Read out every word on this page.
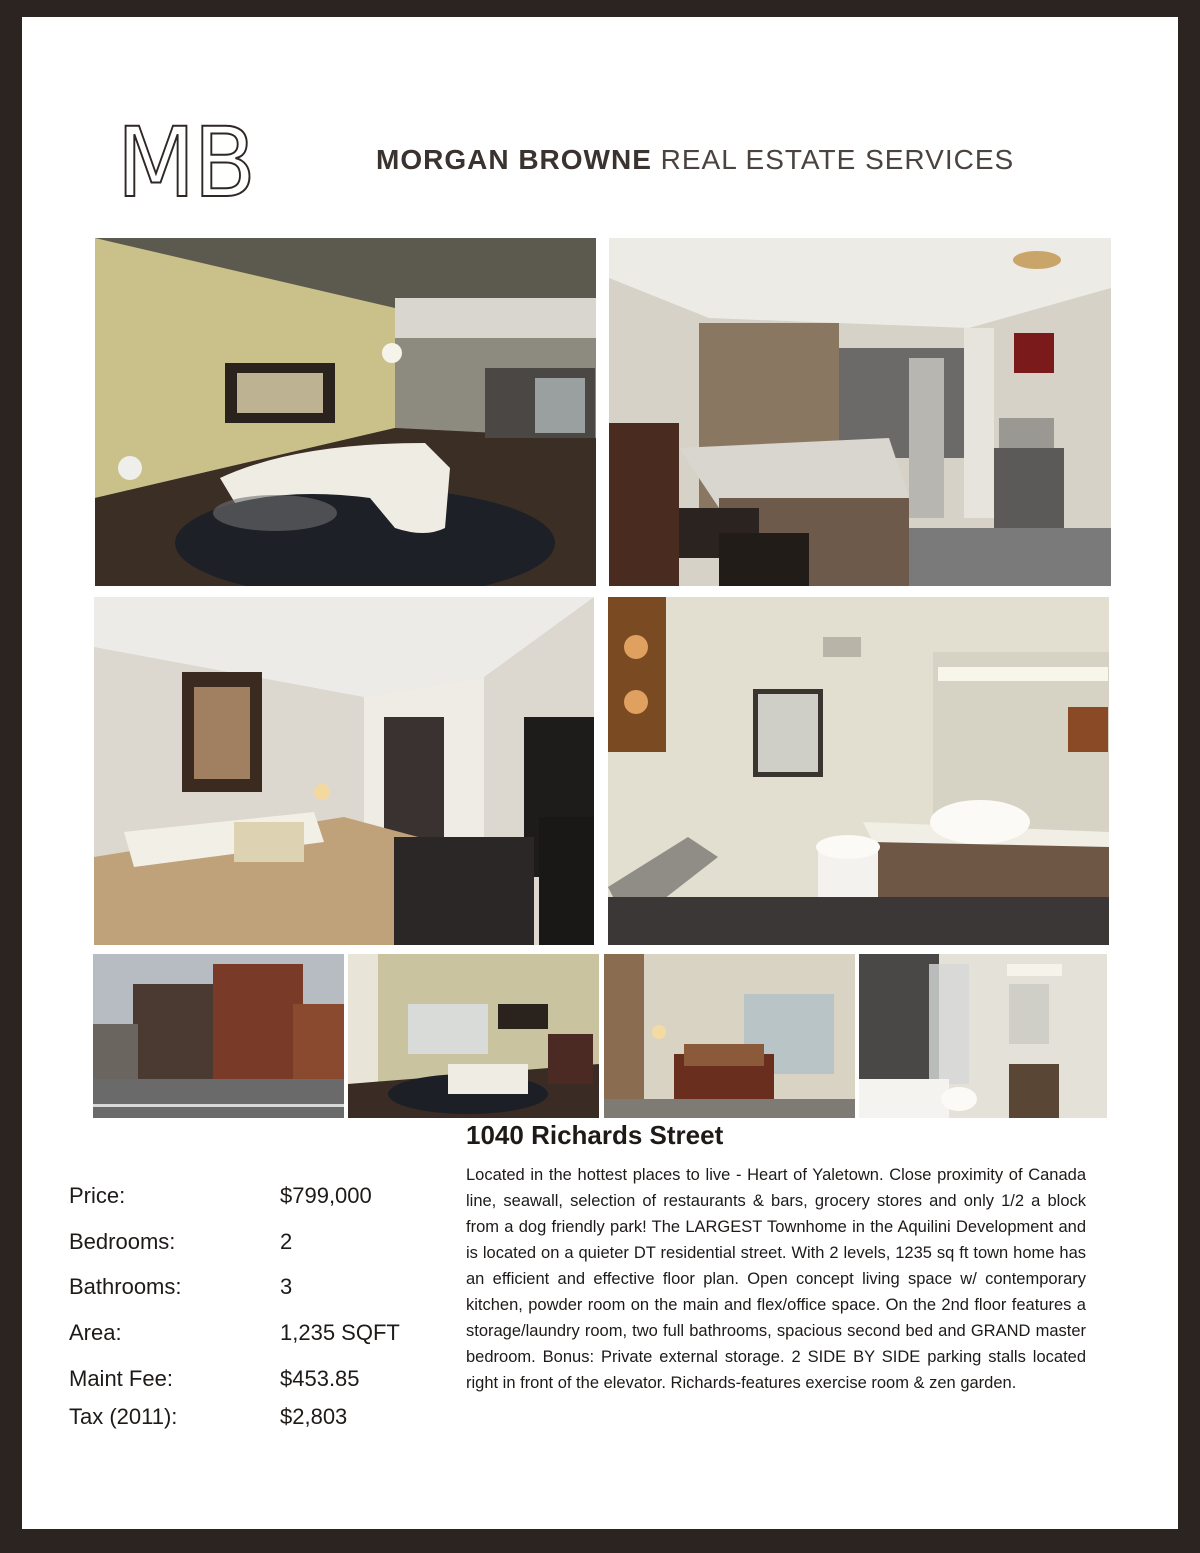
MB	MORGAN BROWNE REAL ESTATE SERVICES
1040 Richards Street
Located in the hottest places to live - Heart of Yaletown. Close proximity of Canada line, seawall, selection of restaurants & bars, grocery stores and only 1/2 a block from a dog friendly park! The LARGEST Townhome in the Aquilini Development and is located on a quieter DT residential street. With 2 levels, 1235 sq ft town home has an efficient and effective floor plan. Open concept living space w/ contemporary kitchen, powder room on the main and flex/office space. On the 2nd floor features a storage/laundry room, two full bathrooms, spacious second bed and GRAND master bedroom. Bonus: Private external storage. 2 SIDE BY SIDE parking stalls located right in front of the elevator. Richards-features exercise room & zen garden.
Price:	$799,000
Bedrooms:	2
Bathrooms:	3
Area:	1,235 SQFT
Maint Fee:	$453.85
Tax (2011):	$2,803
